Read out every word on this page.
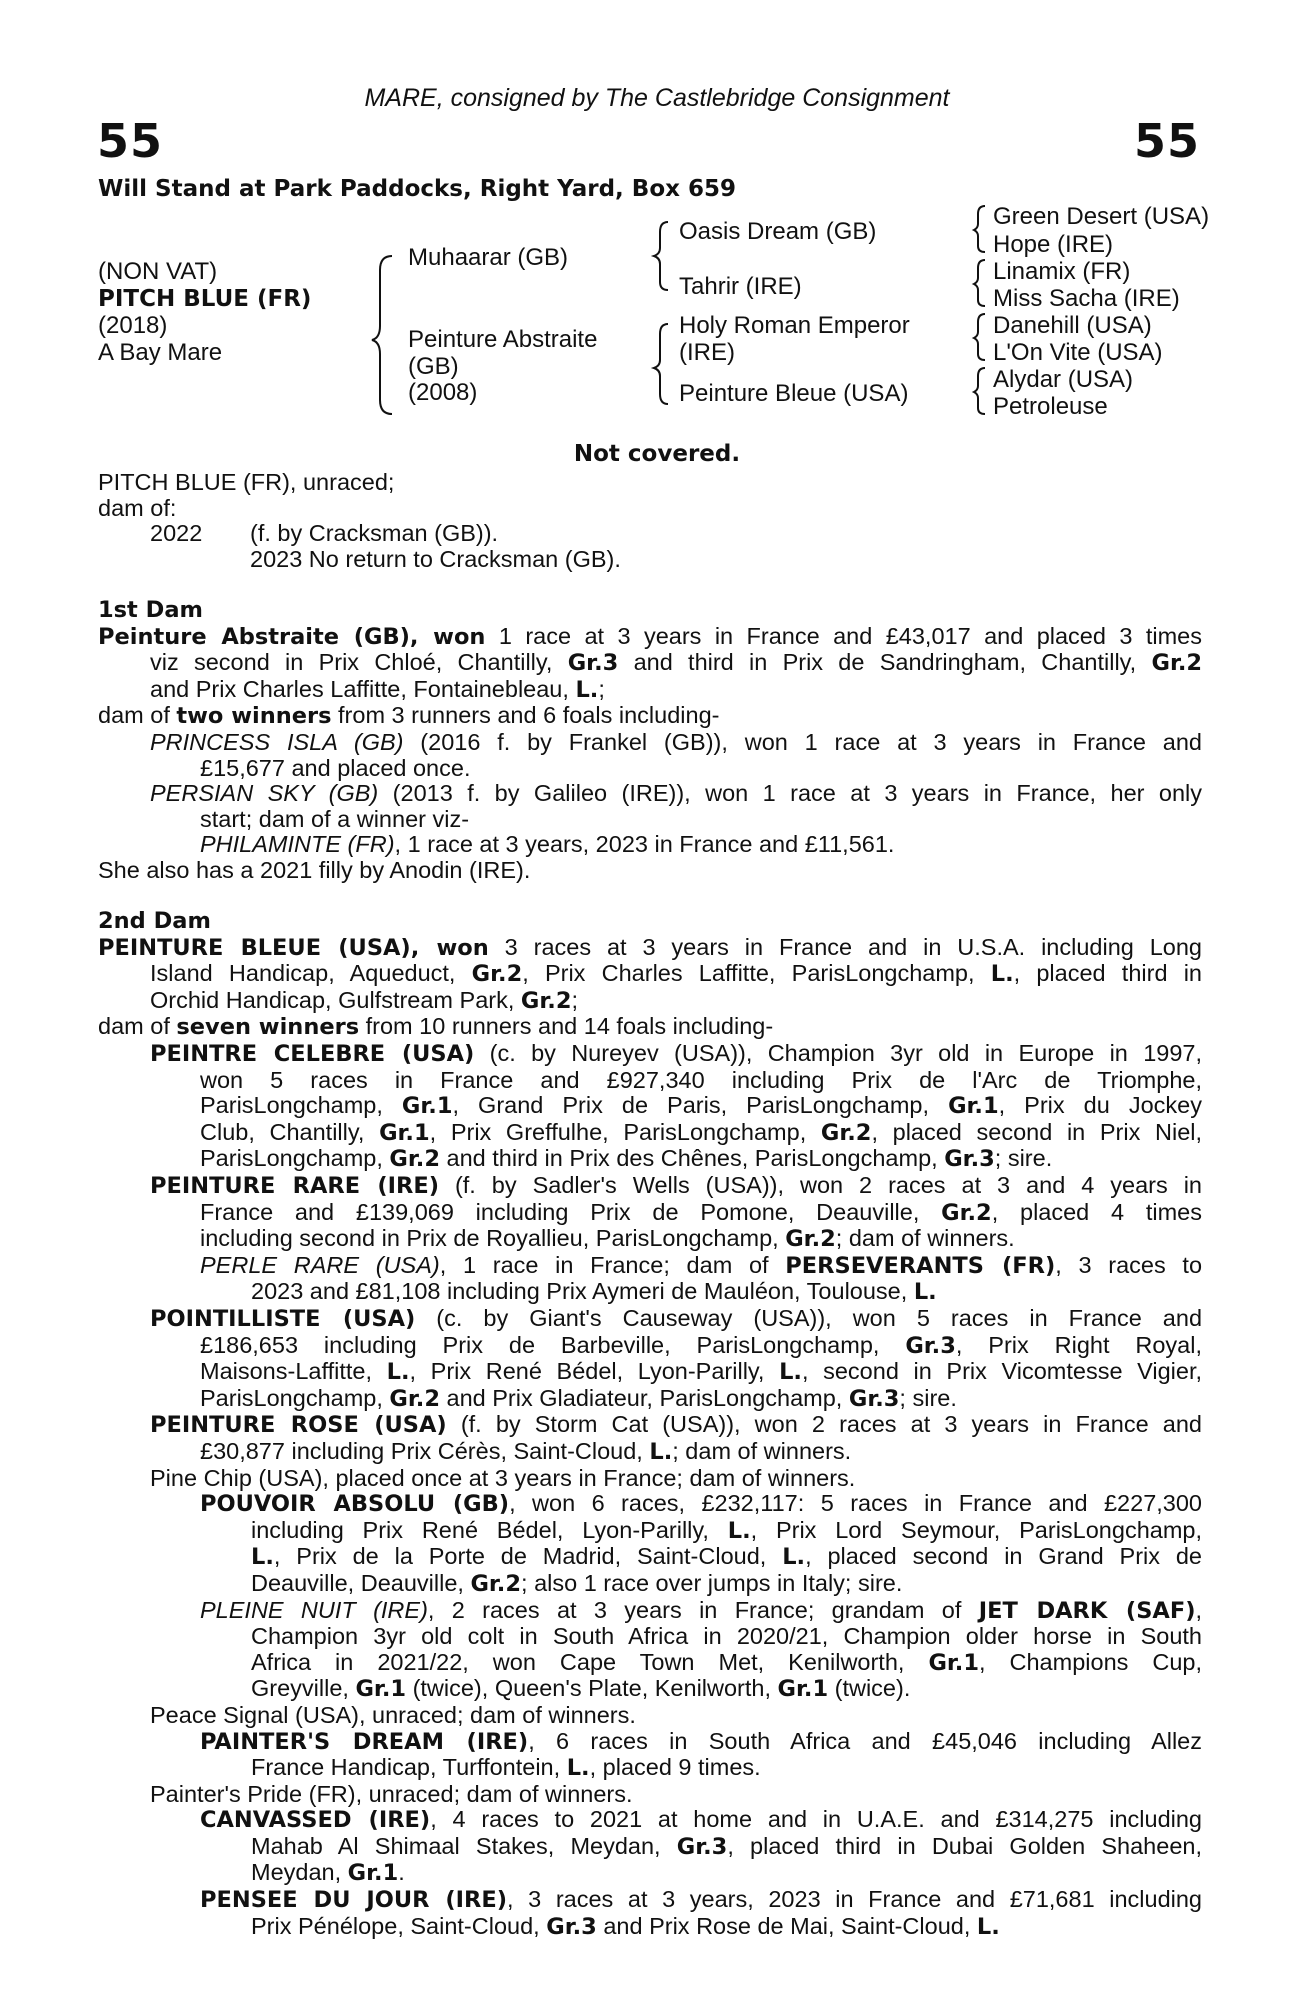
MARE, consigned by The Castlebridge Consignment
55	55
Will Stand at Park Paddocks, Right Yard, Box 659
(NON VAT)
PITCH BLUE (FR)
(2018)
A Bay Mare
Muhaarar (GB)
Peinture Abstraite
(GB)
(2008)
Oasis Dream (GB)
Tahrir (IRE)
Holy Roman Emperor
(IRE)
Peinture Bleue (USA)
Green Desert (USA)
Hope (IRE)
Linamix (FR)
Miss Sacha (IRE)
Danehill (USA)
L'On Vite (USA)
Alydar (USA)
Petroleuse
Not covered.
PITCH BLUE (FR), unraced;
dam of:
2022 (f. by Cracksman (GB)).
2023 No return to Cracksman (GB).
1st Dam
Peinture Abstraite (GB), won 1 race at 3 years in France and £43,017 and placed 3 times
viz second in Prix Chloé, Chantilly, Gr.3 and third in Prix de Sandringham, Chantilly, Gr.2
and Prix Charles Laffitte, Fontainebleau, L.;
dam of two winners from 3 runners and 6 foals including-
PRINCESS ISLA (GB) (2016 f. by Frankel (GB)), won 1 race at 3 years in France and
£15,677 and placed once.
PERSIAN SKY (GB) (2013 f. by Galileo (IRE)), won 1 race at 3 years in France, her only
start; dam of a winner viz-
PHILAMINTE (FR), 1 race at 3 years, 2023 in France and £11,561.
She also has a 2021 filly by Anodin (IRE).
2nd Dam
PEINTURE BLEUE (USA), won 3 races at 3 years in France and in U.S.A. including Long
Island Handicap, Aqueduct, Gr.2, Prix Charles Laffitte, ParisLongchamp, L., placed third in
Orchid Handicap, Gulfstream Park, Gr.2;
dam of seven winners from 10 runners and 14 foals including-
PEINTRE CELEBRE (USA) (c. by Nureyev (USA)), Champion 3yr old in Europe in 1997,
won 5 races in France and £927,340 including Prix de l'Arc de Triomphe,
ParisLongchamp, Gr.1, Grand Prix de Paris, ParisLongchamp, Gr.1, Prix du Jockey
Club, Chantilly, Gr.1, Prix Greffulhe, ParisLongchamp, Gr.2, placed second in Prix Niel,
ParisLongchamp, Gr.2 and third in Prix des Chênes, ParisLongchamp, Gr.3; sire.
PEINTURE RARE (IRE) (f. by Sadler's Wells (USA)), won 2 races at 3 and 4 years in
France and £139,069 including Prix de Pomone, Deauville, Gr.2, placed 4 times
including second in Prix de Royallieu, ParisLongchamp, Gr.2; dam of winners.
PERLE RARE (USA), 1 race in France; dam of PERSEVERANTS (FR), 3 races to
2023 and £81,108 including Prix Aymeri de Mauléon, Toulouse, L.
POINTILLISTE (USA) (c. by Giant's Causeway (USA)), won 5 races in France and
£186,653 including Prix de Barbeville, ParisLongchamp, Gr.3, Prix Right Royal,
Maisons-Laffitte, L., Prix René Bédel, Lyon-Parilly, L., second in Prix Vicomtesse Vigier,
ParisLongchamp, Gr.2 and Prix Gladiateur, ParisLongchamp, Gr.3; sire.
PEINTURE ROSE (USA) (f. by Storm Cat (USA)), won 2 races at 3 years in France and
£30,877 including Prix Cérès, Saint-Cloud, L.; dam of winners.
Pine Chip (USA), placed once at 3 years in France; dam of winners.
POUVOIR ABSOLU (GB), won 6 races, £232,117: 5 races in France and £227,300
including Prix René Bédel, Lyon-Parilly, L., Prix Lord Seymour, ParisLongchamp,
L., Prix de la Porte de Madrid, Saint-Cloud, L., placed second in Grand Prix de
Deauville, Deauville, Gr.2; also 1 race over jumps in Italy; sire.
PLEINE NUIT (IRE), 2 races at 3 years in France; grandam of JET DARK (SAF),
Champion 3yr old colt in South Africa in 2020/21, Champion older horse in South
Africa in 2021/22, won Cape Town Met, Kenilworth, Gr.1, Champions Cup,
Greyville, Gr.1 (twice), Queen's Plate, Kenilworth, Gr.1 (twice).
Peace Signal (USA), unraced; dam of winners.
PAINTER'S DREAM (IRE), 6 races in South Africa and £45,046 including Allez
France Handicap, Turffontein, L., placed 9 times.
Painter's Pride (FR), unraced; dam of winners.
CANVASSED (IRE), 4 races to 2021 at home and in U.A.E. and £314,275 including
Mahab Al Shimaal Stakes, Meydan, Gr.3, placed third in Dubai Golden Shaheen,
Meydan, Gr.1.
PENSEE DU JOUR (IRE), 3 races at 3 years, 2023 in France and £71,681 including
Prix Pénélope, Saint-Cloud, Gr.3 and Prix Rose de Mai, Saint-Cloud, L.
